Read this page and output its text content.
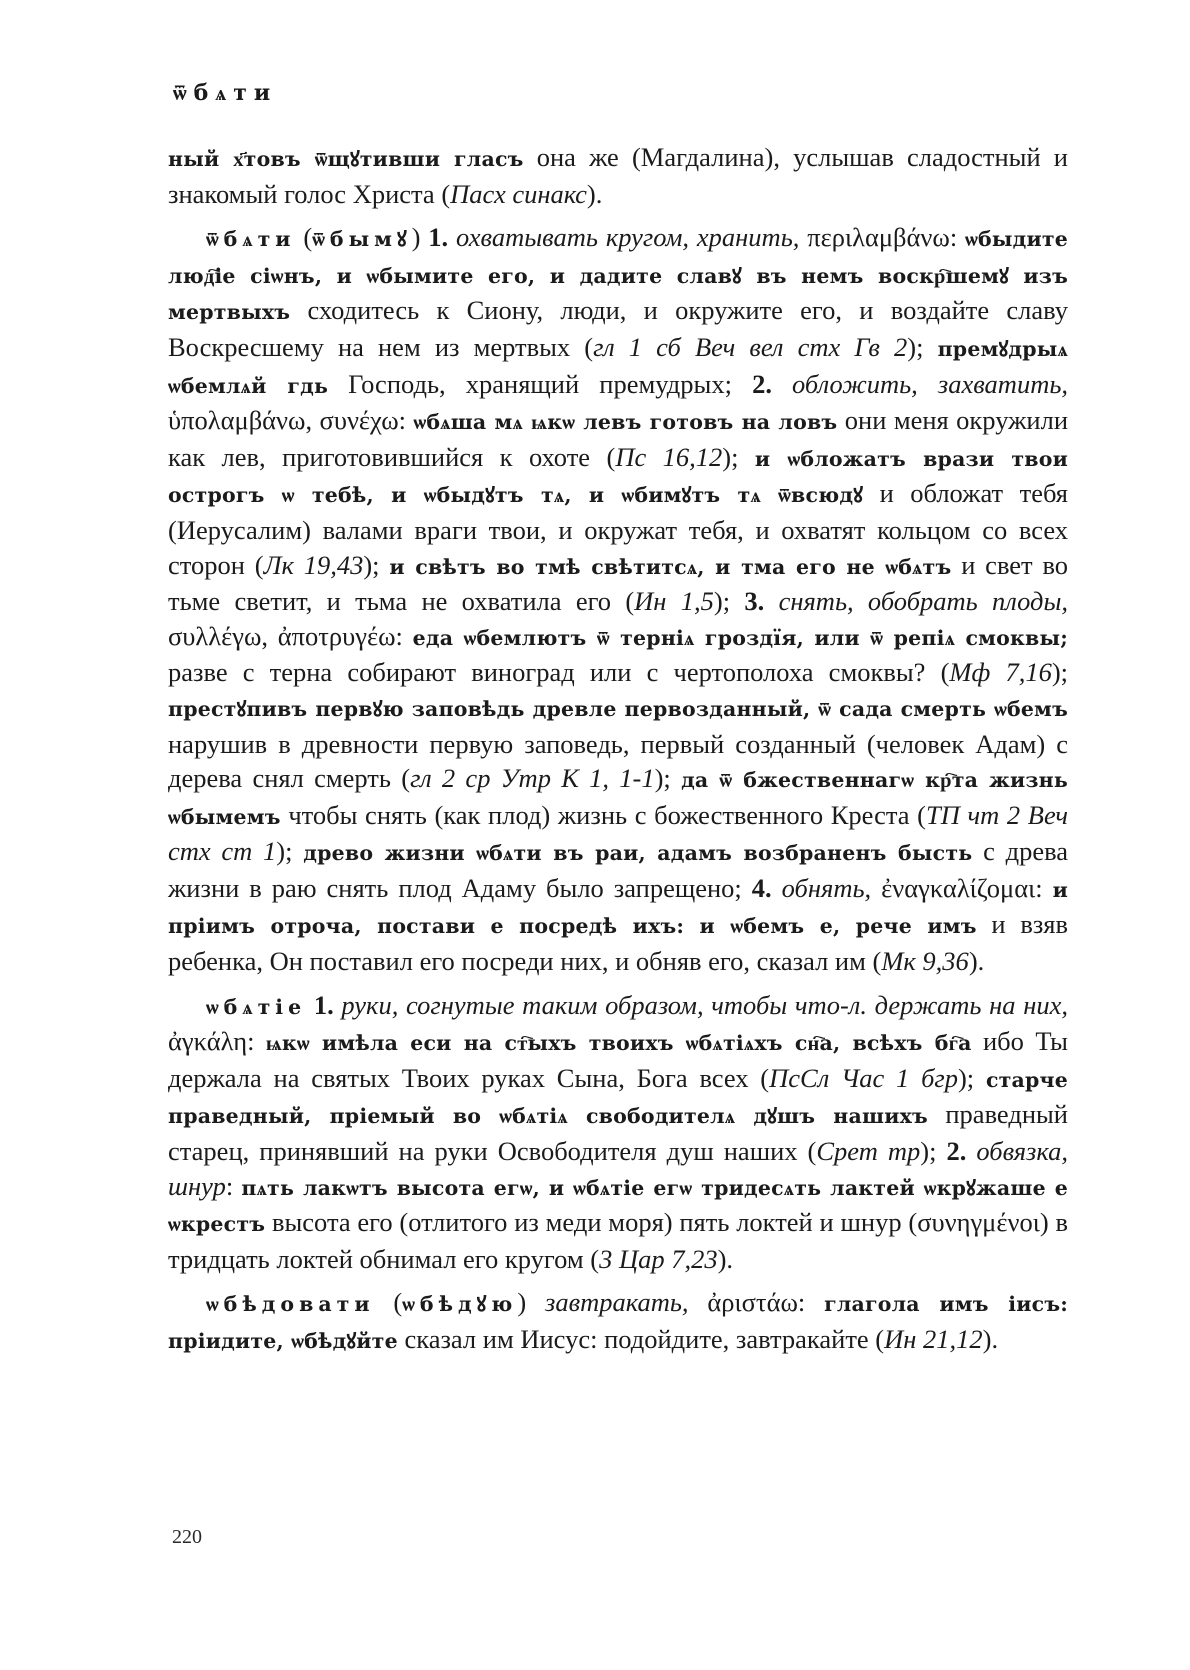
ѿбѧти

ный х҃товъ ѿщꙋтивши гласъ она же (Магдалина), услышав сладостный и знакомый голос Христа (Пасх синакс).

ѿбѧти (ѿбымꙋ) 1. охватывать кругом, хранить, περιλαμβάνω: ѡбыдите люд҇іе сіѡнъ, и ѡбымите его, и дадите славꙋ въ немъ воскр҇шемꙋ изъ мертвыхъ сходитесь к Сиону, люди, и окружите его, и воздайте славу Воскресшему на нем из мертвых (гл 1 сб Веч вел стх Гв 2); премꙋдрыѧ ѡбемлѧй гдь Господь, хранящий премудрых; 2. обложить, захватить, ὑπολαμβάνω, συνέχω: ѡбѧша мѧ ѩкѡ левъ готовъ на ловъ они меня окружили как лев, приготовившийся к охоте (Пс 16,12); и ѡбложатъ врази твои острогъ ѡ тебѣ, и ѡбыдꙋтъ тѧ, и ѡбимꙋтъ тѧ ѿвсюдꙋ и обложат тебя (Иерусалим) валами враги твои, и окружат тебя, и охватят кольцом со всех сторон (Лк 19,43); и свѣтъ во тмѣ свѣтитсѧ, и тма его не ѡбѧтъ и свет во тьме светит, и тьма не охватила его (Ин 1,5); 3. снять, обобрать плоды, συλλέγω, ἀποτρυγέω: еда ѡбемлютъ ѿ терніѧ гроздїя, или ѿ репіѧ смоквы; разве с терна собирают виноград или с чертополоха смоквы? (Мф 7,16); престꙋпивъ первꙋю заповѣдь древле первозданный, ѿ сада смерть ѡбемъ нарушив в древности первую заповедь, первый созданный (человек Адам) с дерева снял смерть (гл 2 ср Утр К 1, 1-1); да ѿ бжественнагѡ кр҇та жизнь ѡбымемъ чтобы снять (как плод) жизнь с божественного Креста (ТП чт 2 Веч стх ст 1); древо жизни ѡбѧти въ раи, адамъ возбраненъ бысть с древа жизни в раю снять плод Адаму было запрещено; 4. обнять, ἐναγκαλίζομαι: и пріимъ отроча, постави е посредѣ ихъ: и ѡбемъ е, рече имъ и взяв ребенка, Он поставил его посреди них, и обняв его, сказал им (Мк 9,36).

ѡбѧтіе 1. руки, согнутые таким образом, чтобы что-л. держать на них, ἀγκάλη: ѩкѡ имѣла еси на ст҇ыхъ твоихъ ѡбѧтіѧхъ сн҇а, всѣхъ бг҇а ибо Ты держала на святых Твоих руках Сына, Бога всех (ПсСл Час 1 бгр); старче праведный, пріемый во ѡбѧтіѧ свободителѧ дꙋшъ нашихъ праведный старец, принявший на руки Освободителя душ наших (Срет тр); 2. обвязка, шнур: пѧть лакѡтъ высота егѡ, и ѡбѧтіе егѡ тридесѧть лактей ѡкрꙋжаше е ѡкрестъ высота его (отлитого из меди моря) пять локтей и шнур (συνηγμένοι) в тридцать локтей обнимал его кругом (3 Цар 7,23).

ѡбѣдовати (ѡбѣдꙋю) завтракать, ἀριστάω: глагола имъ іисъ: пріидите, ѡбѣдꙋйте сказал им Иисус: подойдите, завтракайте (Ин 21,12).

220
